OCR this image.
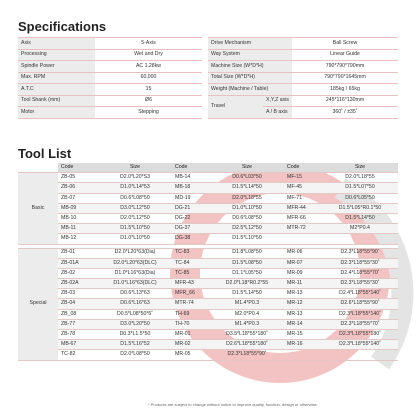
Specifications
Axis	5-Axis	Drive Mechanism		Ball Screw
Processing	Wet and Dry	Way System		Linear Guide
Spindle Power	AC 1.28kw	Machine Size (W*D*H)		790*790*790mm
Max. RPM	60,000	Total Size (W*D*H)		790*790*1645mm
A.T.C	15	Weight (Machine / Table)		185kg / 65kg
Tool Shank (mm)	Ø6	Travel	X,Y,Z axis	245*116*130mm
Motor	Stepping		A / B axis	360˚ / ±35˚
Tool List
	Code	Size	Code	Size	Code	Size
Basic	ZB-05	D2.0*L20*S3	MB-14	D0.6*L03*50	MF-15	D2.0*L18*55
	ZB-06	D1.0*L14*53	MB-18	D1.5*L14*50	MF-45	D1.5*L07*50
	ZB-07	D0.6*L08*50	MD-19	D2.0*L18*55	MF-71	D0.6*L05*50
	MB-09	D3.0*L12*50	DG-21	D1.0*L10*50	MFR-44	D1.5*L05*R0.1*50
	MB-10	D2.0*L12*50	DG-22	D0.6*L08*50	MFR-66	D1.5*L14*50
	MB-11	D1.5*L10*50	DG-37	D2.5*L12*50	MTR-72	M2*P0.4
	MB-12	D1.0*L10*50	DG-38	D1.5*L10*50		

Special	ZB-01	D2.0*L20*63(Dia)	TC-83	D1.8*L08*50	MR-06	D2.3*L18*55*90˚
	ZB-01A	D2.0*L20*63(DLC)	TC-84	D1.5*L08*50	MR-07	D2.3*L18*55*30˚
	ZB-02	D1.0*L16*63(Dia)	TC-85	D1.1*L05*50	MR-09	D2.4*L18*55*70˚
	ZB-02A	D1.0*L16*63(DLC)	MFR-43	D2.0*L18*R0.2*55	MR-11	D2.3*L18*55*30˚
	ZB-03	D0.6*L13*63	MFR_66	D1.5*L14*50	MR-13	D2.4*L18*55*140˚
	ZB-04	D0.6*L16*63	MTR-74	M1.4*P0.3	MR-12	D2.6*L18*55*90˚
	ZB_08	D0.5*L08*50*6˚	TH-69	M2.0*P0.4	MR-13	D2.3*L18*55*140˚
	ZB-77	D3.0*L20*50	TH-70	M1.4*P0.3	MR-14	D2.3*L18*55*70˚
	ZB-78	D0.3*L1.5*50	MR-01	D3.5*L18*55*180˚	MR-15	D2.3*L18*55*180˚
	MB-67	D1.5*L16*52	MR-02	D2.6*L18*55*180˚	MR-16	D2.3*L18*55*140˚
	TC-82	D2.0*L08*50	MR-05	D2.3*L18*55*90˚		
* Products are subject to change without notice to improve quality, function, design or otherwise.
